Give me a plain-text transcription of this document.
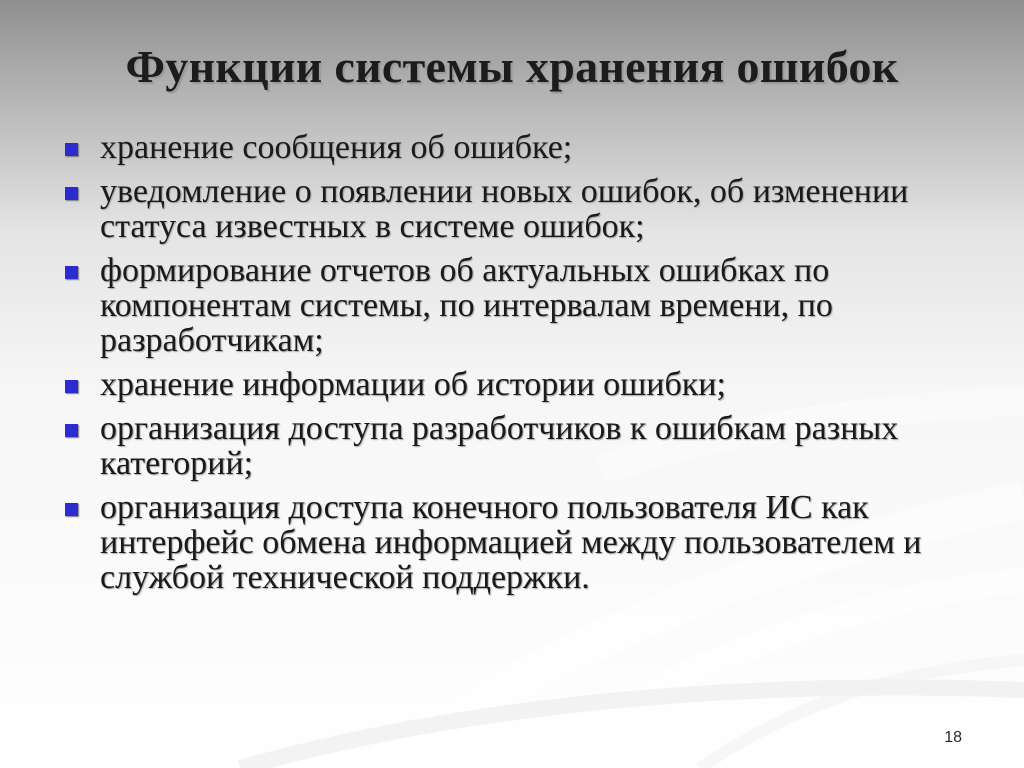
Функции системы хранения ошибок
хранение сообщения об ошибке;
уведомление о появлении новых ошибок, об изменении статуса известных в системе ошибок;
формирование отчетов об актуальных ошибках по компонентам системы, по интервалам времени, по разработчикам;
хранение информации об истории ошибки;
организация доступа разработчиков к ошибкам разных категорий;
организация доступа конечного пользователя ИС как интерфейс обмена информацией между пользователем и службой технической поддержки.
18
